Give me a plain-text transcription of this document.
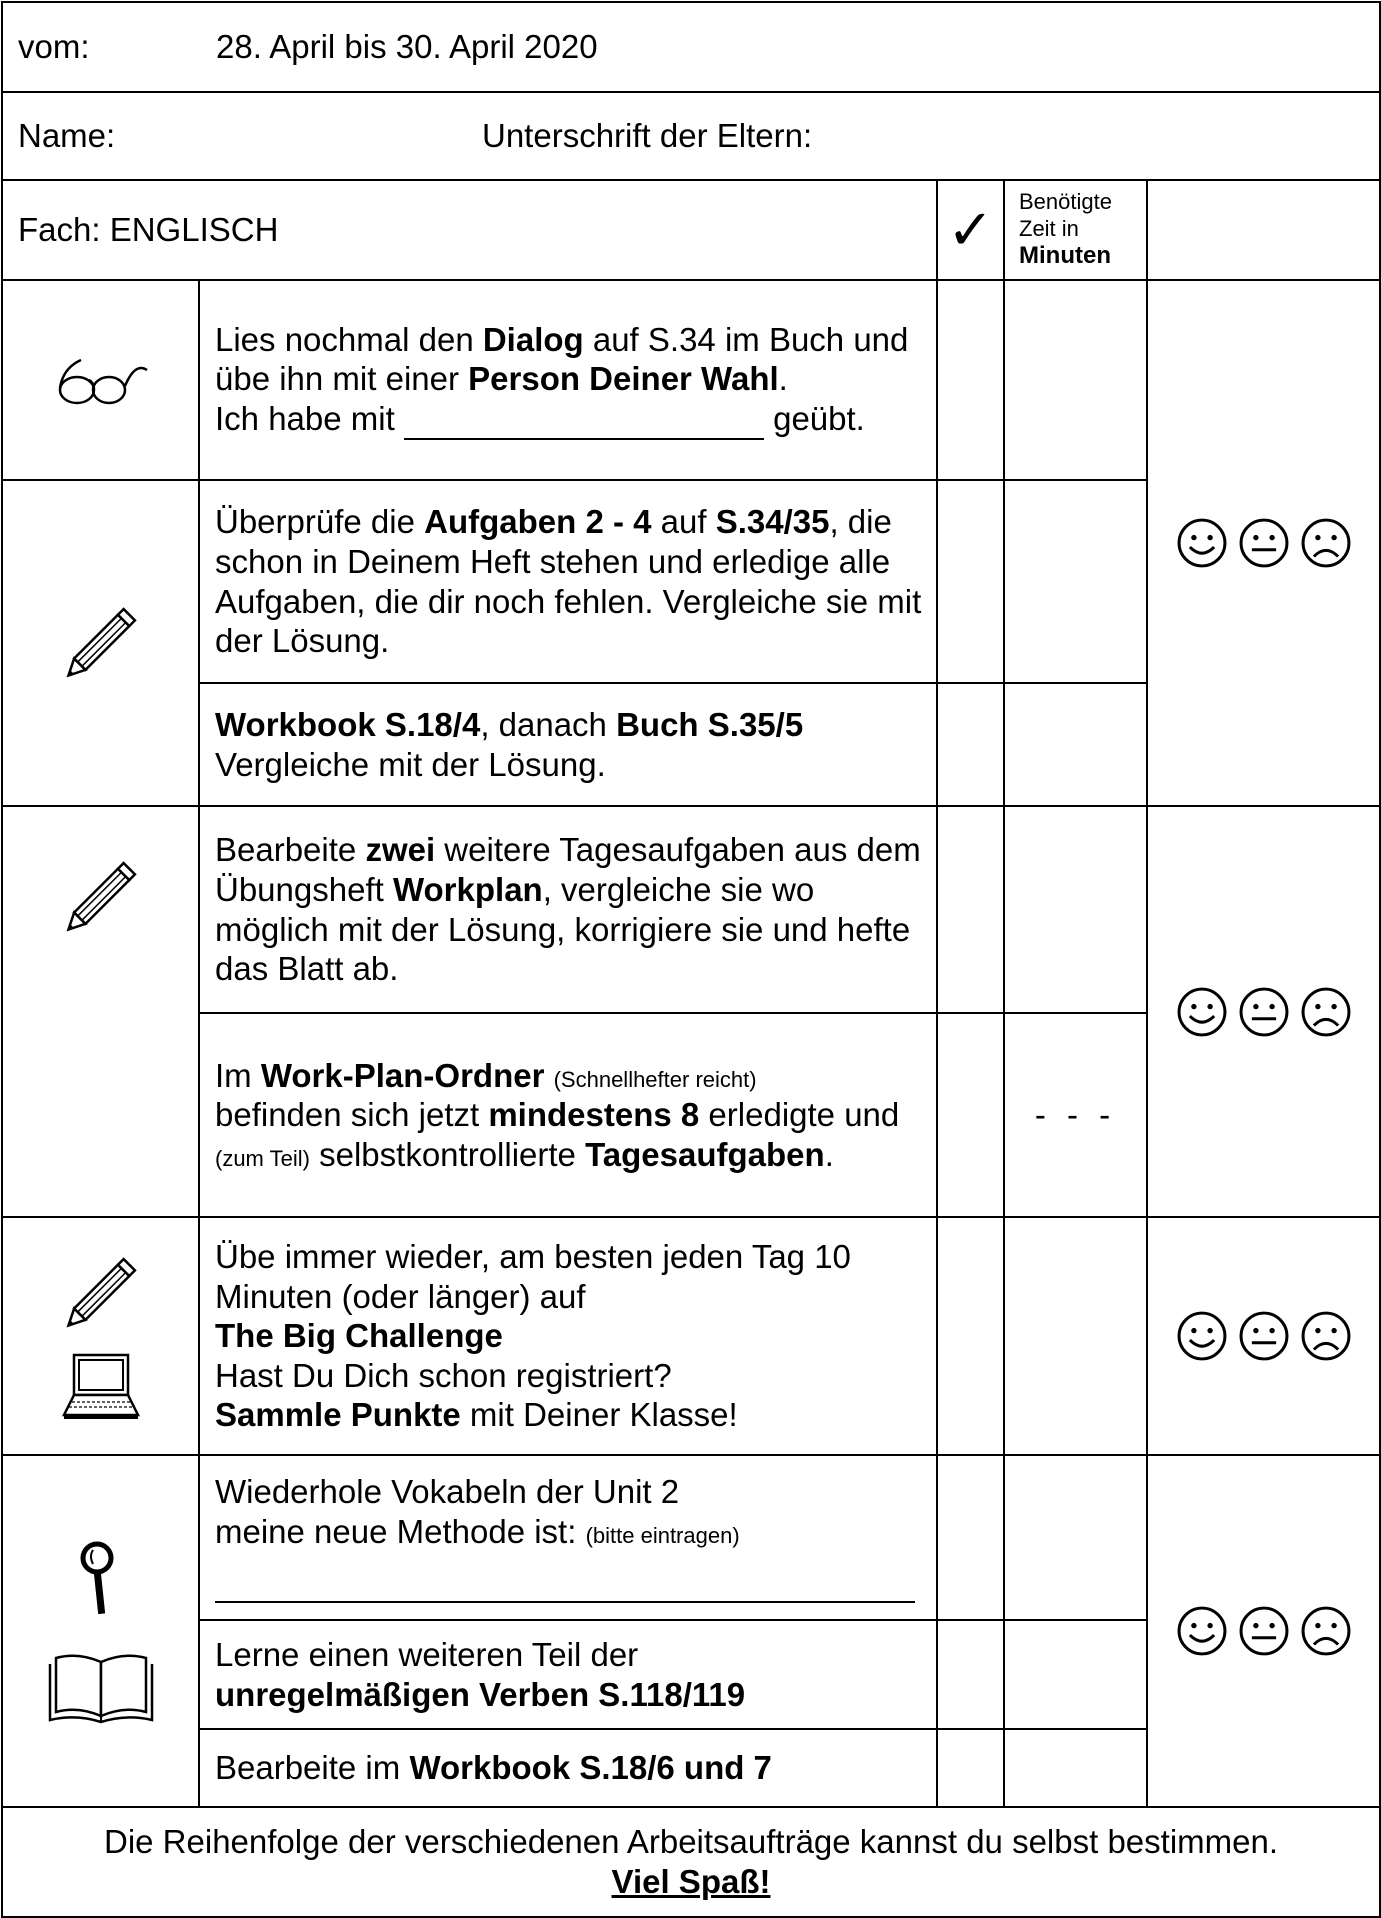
vom: 28. April bis 30. April 2020				
Name: Unterschrift der Eltern:				
Fach: ENGLISCH		✓	Benötigte
Zeit in
Minuten	

	Lies nochmal den Dialog auf S.34 im Buch und übe ihn mit einer Person Deiner Wahl.
Ich habe mit geübt.			

	Überprüfe die Aufgaben 2 - 4 auf S.34/35, die schon in Deinem Heft stehen und erledige alle Aufgaben, die dir noch fehlen. Vergleiche sie mit der Lösung.			
	Workbook S.18/4, danach Buch S.35/5
Vergleiche mit der Lösung.			

	Bearbeite zwei weitere Tagesaufgaben aus dem Übungsheft Workplan, vergleiche sie wo möglich mit der Lösung, korrigiere sie und hefte das Blatt ab.			

	Im Work-Plan-Ordner (Schnellhefter reicht)
befinden sich jetzt mindestens 8 erledigte und (zum Teil) selbstkontrollierte Tagesaufgaben.		- - -	

	Übe immer wieder, am besten jeden Tag 10 Minuten (oder länger) auf
The Big Challenge
Hast Du Dich schon registriert?
Sammle Punkte mit Deiner Klasse!			

	Wiederhole Vokabeln der Unit 2
meine neue Methode ist: (bitte eintragen)

	Lerne einen weiteren Teil der
unregelmäßigen Verben S.118/119			
	Bearbeite im Workbook S.18/6 und 7			
Die Reihenfolge der verschiedenen Arbeitsaufträge kannst du selbst bestimmen.
Viel Spaß!				
